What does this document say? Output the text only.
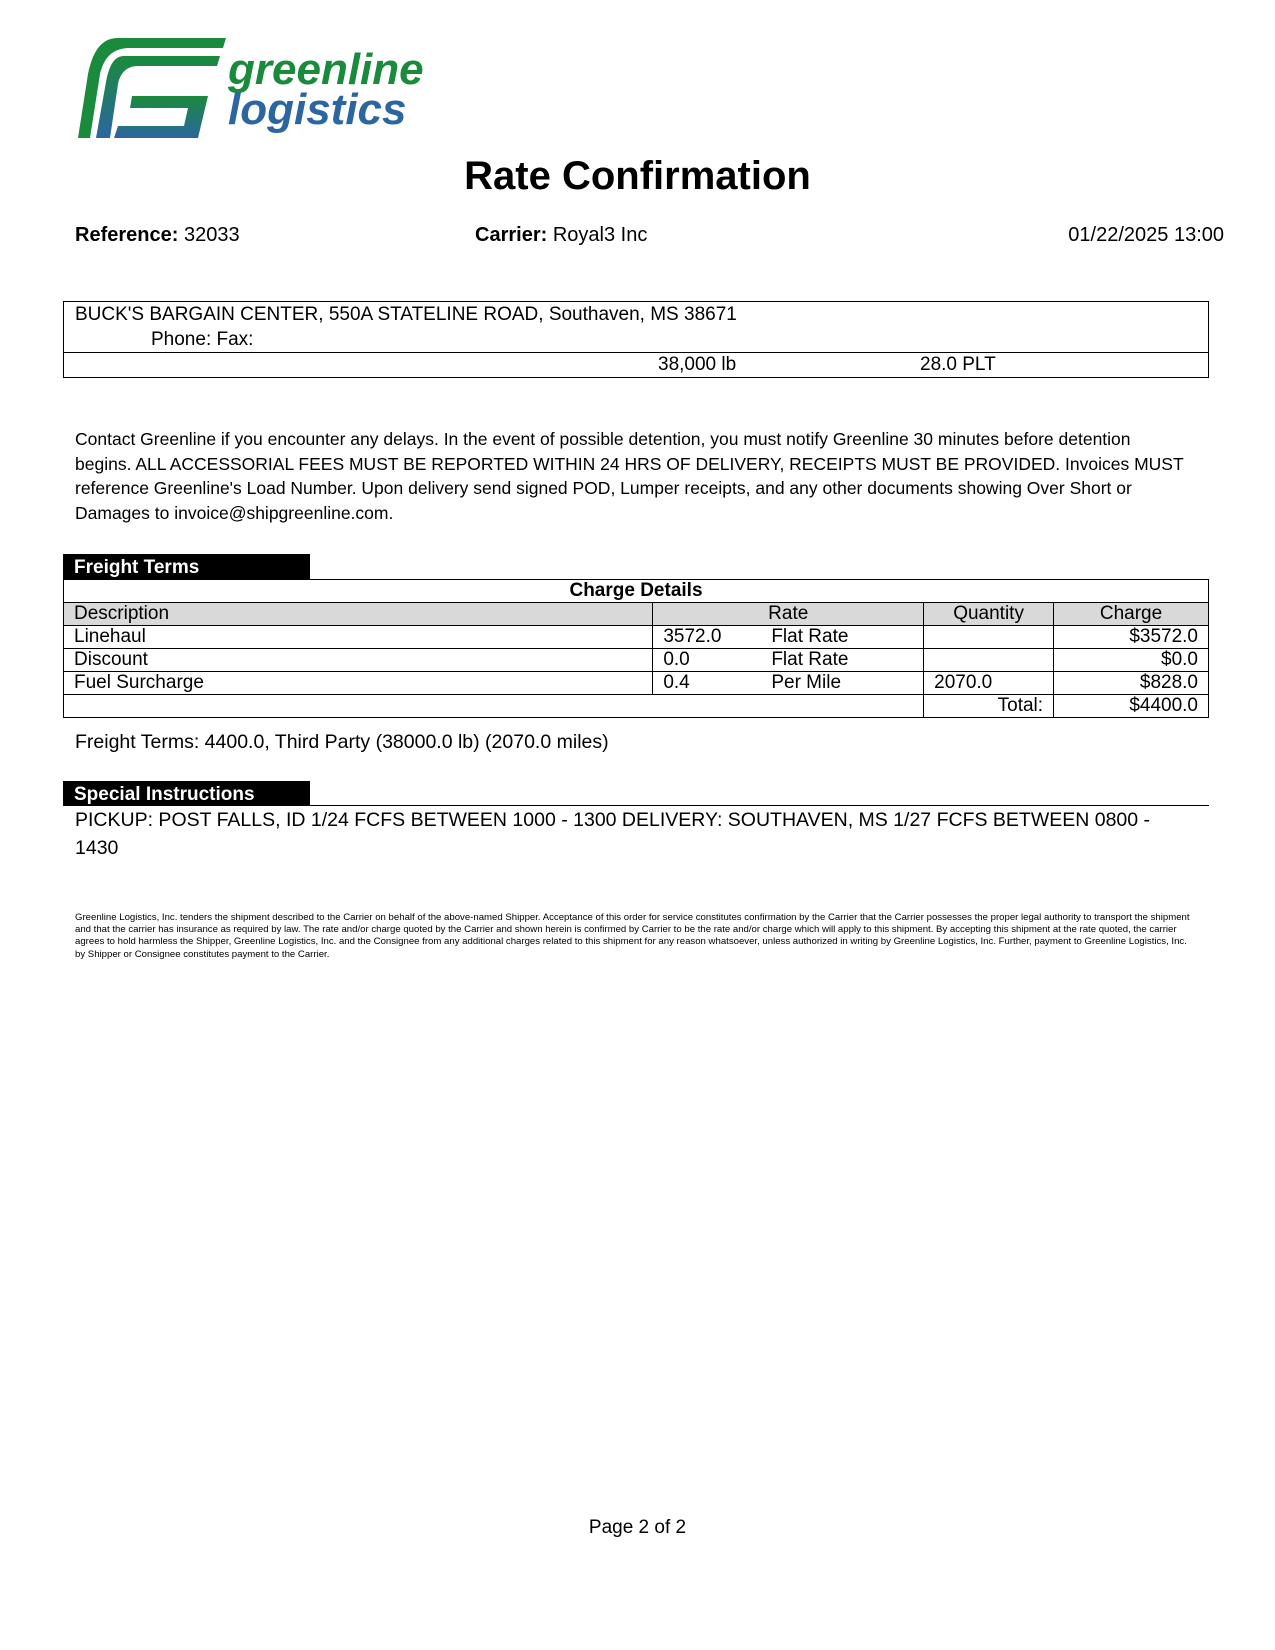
greenline
logistics
Rate Confirmation
Reference: 32033	Carrier: Royal3 Inc	01/22/2025 13:00
BUCK'S BARGAIN CENTER, 550A STATELINE ROAD, Southaven, MS 38671
Phone: Fax:
38,000 lb	28.0 PLT
Contact Greenline if you encounter any delays. In the event of possible detention, you must notify Greenline 30 minutes before detention begins. ALL ACCESSORIAL FEES MUST BE REPORTED WITHIN 24 HRS OF DELIVERY, RECEIPTS MUST BE PROVIDED. Invoices MUST reference Greenline's Load Number. Upon delivery send signed POD, Lumper receipts, and any other documents showing Over Short or Damages to invoice@shipgreenline.com.
Freight Terms
Charge Details			
Description	Rate	Quantity	Charge
Linehaul	3572.0 Flat Rate		$3572.0
Discount	0.0 Flat Rate		$0.0
Fuel Surcharge	0.4 Per Mile	2070.0	$828.0
		Total:	$4400.0
Freight Terms: 4400.0, Third Party (38000.0 lb) (2070.0 miles)
Special Instructions
PICKUP: POST FALLS, ID 1/24 FCFS BETWEEN 1000 - 1300 DELIVERY: SOUTHAVEN, MS 1/27 FCFS BETWEEN 0800 - 1430
Greenline Logistics, Inc. tenders the shipment described to the Carrier on behalf of the above-named Shipper. Acceptance of this order for service constitutes confirmation by the Carrier that the Carrier possesses the proper legal authority to transport the shipment and that the carrier has insurance as required by law. The rate and/or charge quoted by the Carrier and shown herein is confirmed by Carrier to be the rate and/or charge which will apply to this shipment. By accepting this shipment at the rate quoted, the carrier agrees to hold harmless the Shipper, Greenline Logistics, Inc. and the Consignee from any additional charges related to this shipment for any reason whatsoever, unless authorized in writing by Greenline Logistics, Inc. Further, payment to Greenline Logistics, Inc. by Shipper or Consignee constitutes payment to the Carrier.
Page 2 of 2
